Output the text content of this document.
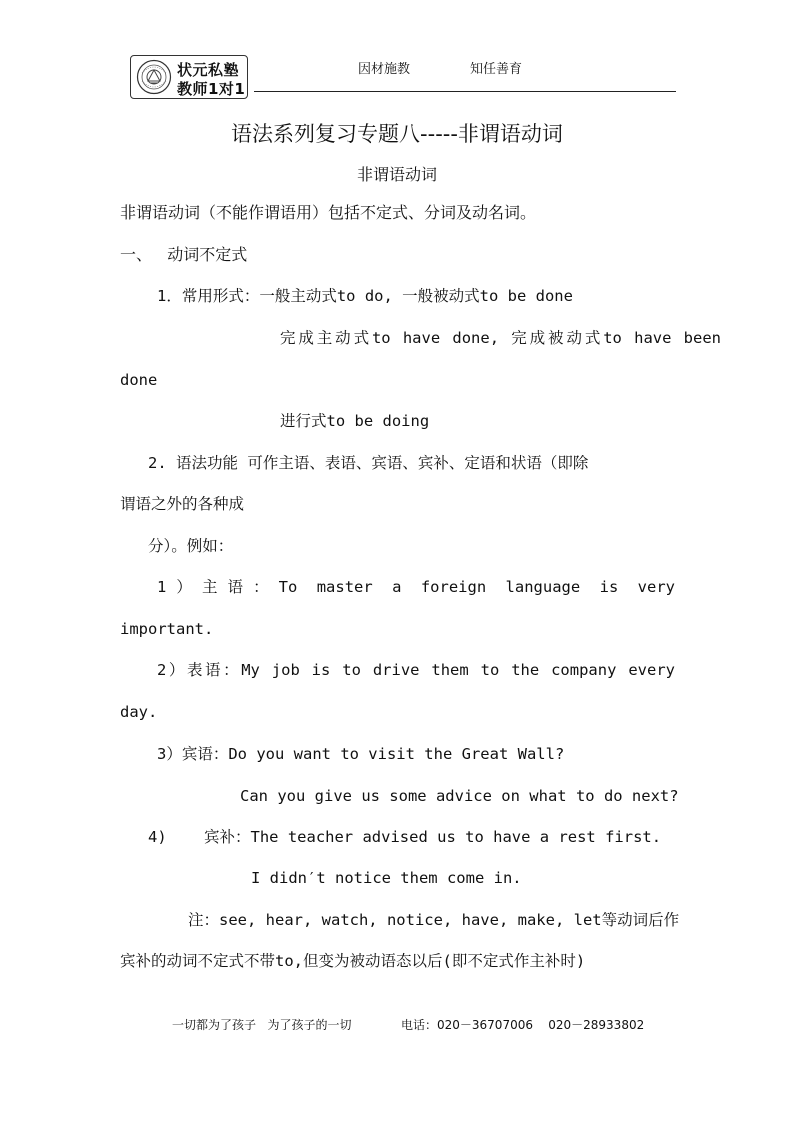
状元私塾
教师1对1
因材施教	知任善育
语法系列复习专题八-----非谓语动词
非谓语动词
非谓语动词（不能作谓语用）包括不定式、分词及动名词。
一、   动词不定式
1．常用形式：一般主动式to do, 一般被动式to be done
完成主动式to have done, 完成被动式to have been
done
进行式to be doing
2. 语法功能 可作主语、表语、宾语、宾补、定语和状语（即除
谓语之外的各种成
分）。例如：
1）主语：To master a foreign language is very
important.
2）表语：My job is to drive them to the company every
day.
3）宾语：Do you want to visit the Great Wall?
Can you give us some advice on what to do next?
4)    宾补：The teacher advised us to have a rest first.
I didn′t notice them come in.
注：see, hear, watch, notice, have, make, let等动词后作
宾补的动词不定式不带to,但变为被动语态以后(即不定式作主补时)
一切都为了孩子   为了孩子的一切	电话：020－36707006    020－28933802
